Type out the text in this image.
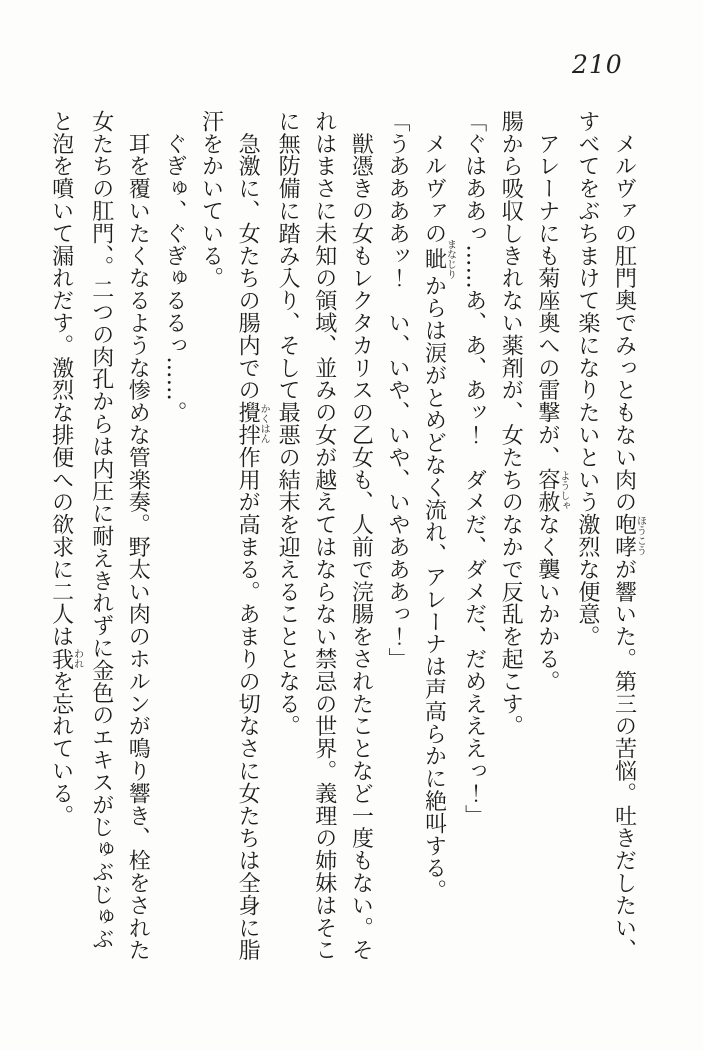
210
　メルヴァの肛門奥でみっともない肉の咆哮ほうこうが響いた。第三の苦悩。吐きだしたい、
すべてをぶちまけて楽になりたいという激烈な便意。
　アレーナにも菊座奥への雷撃が、容赦ようしゃなく襲いかかる。
腸から吸収しきれない薬剤が、女たちのなかで反乱を起こす。
「ぐはああっ……あ、あ、あッ！　ダメだ、ダメだ、だめえええっ！」
　メルヴァの眦まなじりからは涙がとめどなく流れ、アレーナは声高らかに絶叫する。
「うああああッ！　い、いや、いや、いやあああっ！」
　獣憑きの女もレクタカリスの乙女も、人前で浣腸をされたことなど一度もない。そ
れはまさに未知の領域、並みの女が越えてはならない禁忌の世界。義理の姉妹はそこ
に無防備に踏み入り、そして最悪の結末を迎えることとなる。
　急激に、女たちの腸内での攪拌かくはん作用が高まる。あまりの切なさに女たちは全身に脂
汗をかいている。
　ぐぎゅ、ぐぎゅるるっ……。
　耳を覆いたくなるような惨めな管楽奏。野太い肉のホルンが鳴り響き、栓をされた
女たちの肛門、。二つの肉孔からは内圧に耐えきれずに金色のエキスがじゅぶじゅぶ
と泡を噴いて漏れだす。激烈な排便への欲求に二人は我われを忘れている。
